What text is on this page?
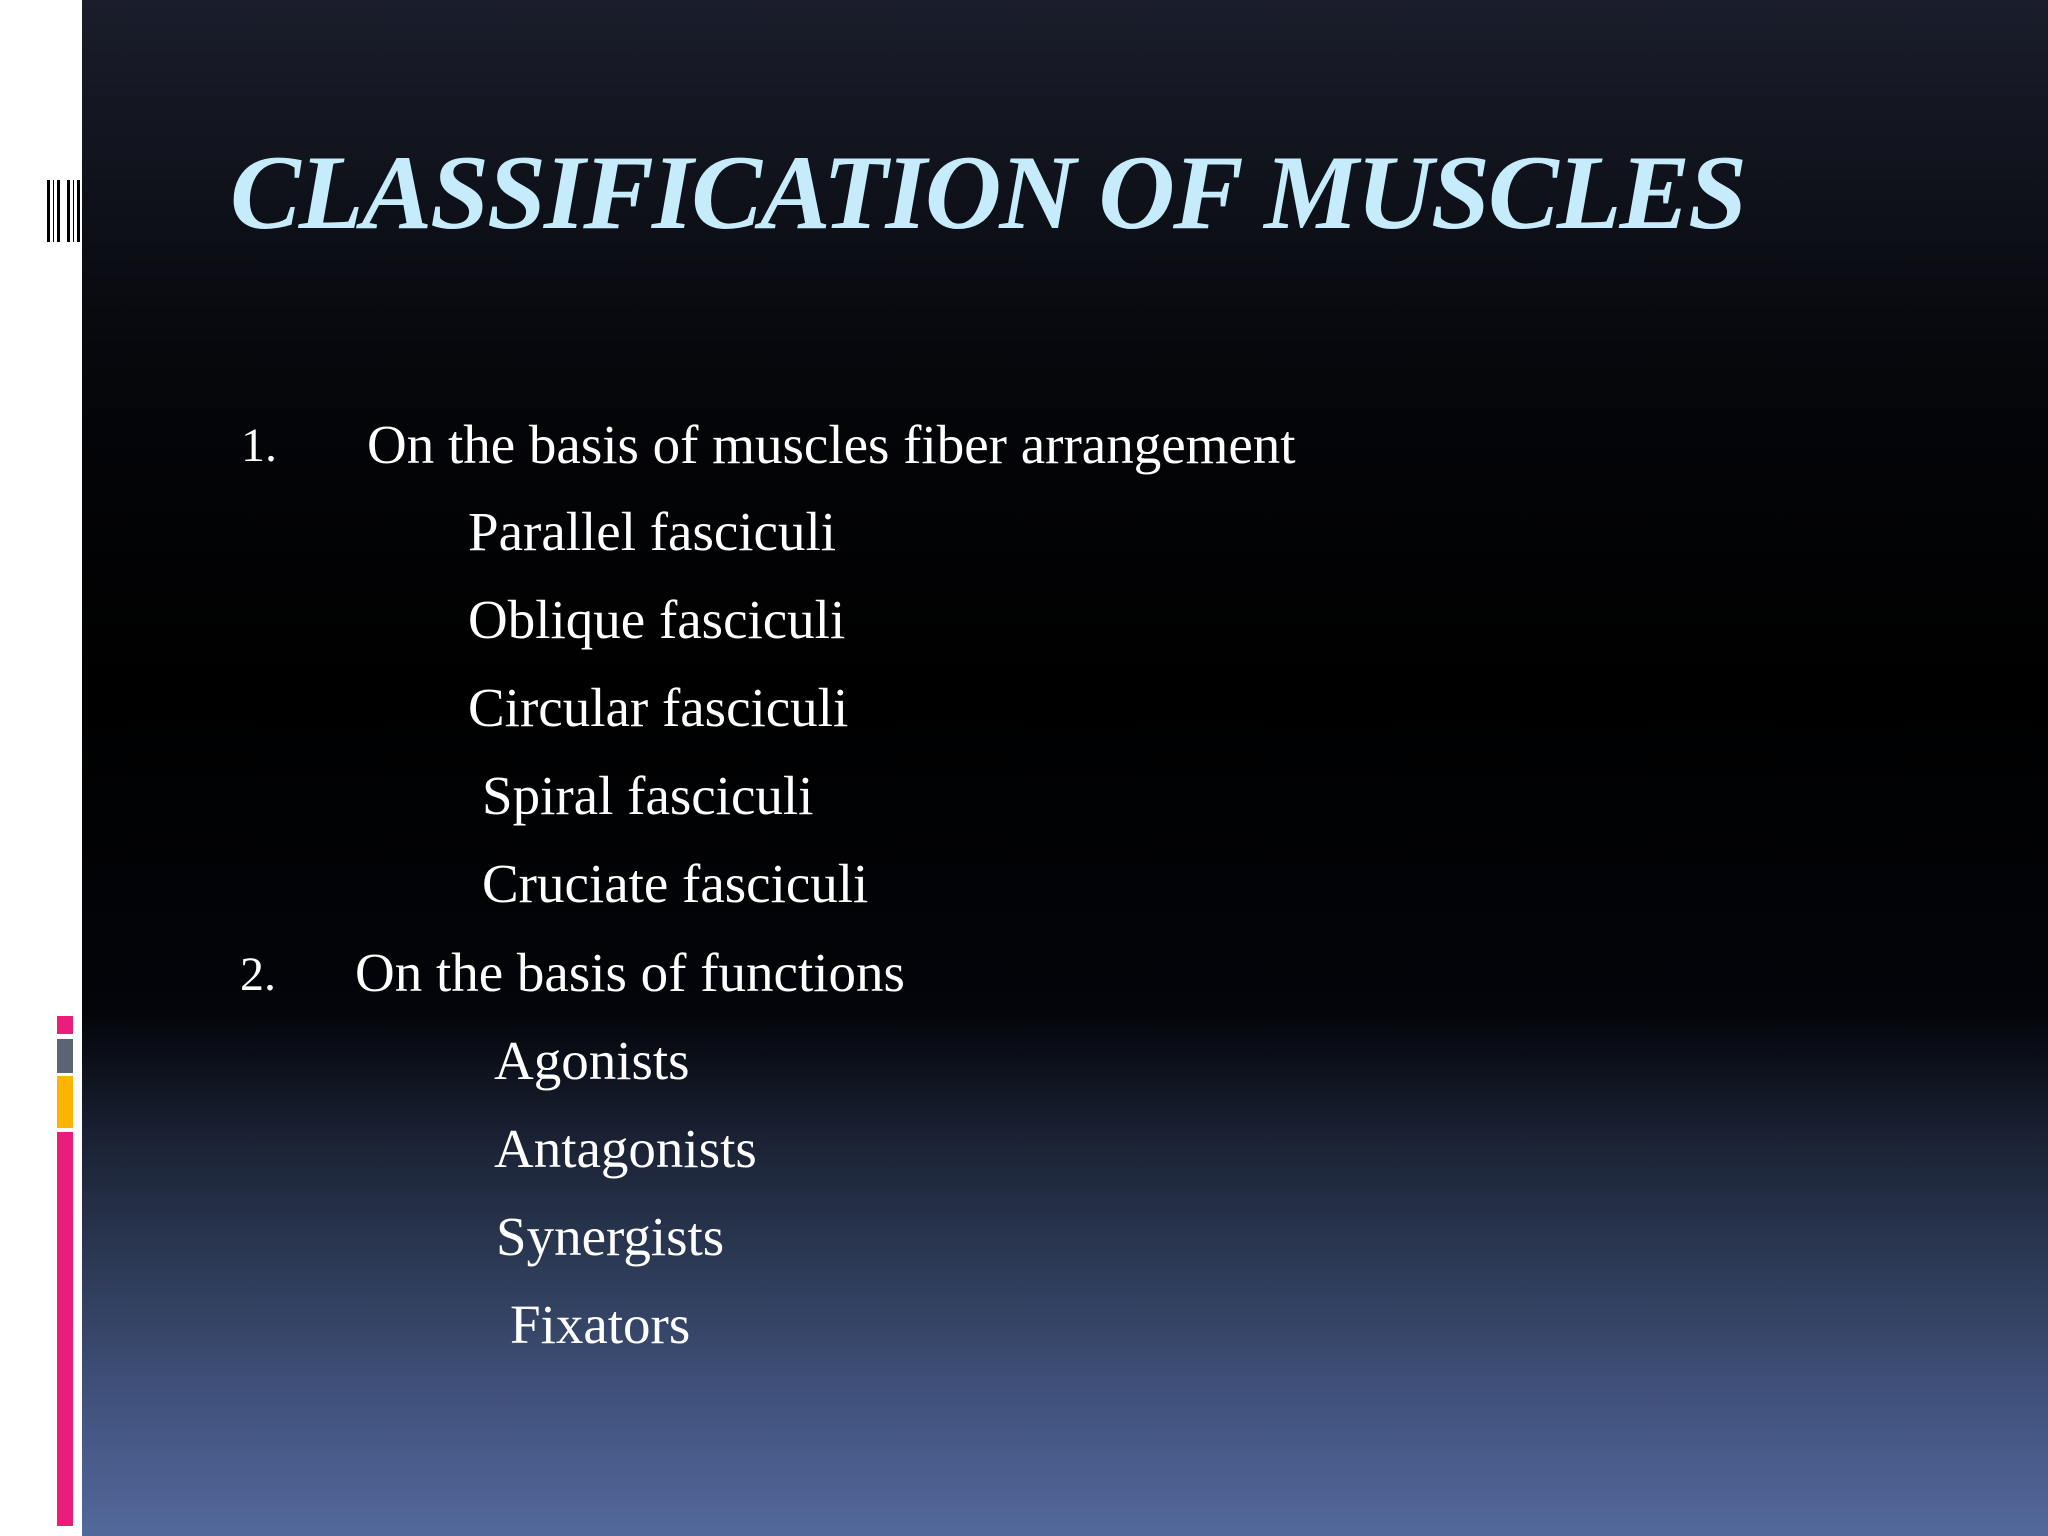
CLASSIFICATION OF MUSCLES

1. On the basis of muscles fiber arrangement

Parallel fasciculi

Oblique fasciculi

Circular fasciculi

Spiral fasciculi

Cruciate fasciculi

2. On the basis of functions

Agonists

Antagonists

Synergists

Fixators
